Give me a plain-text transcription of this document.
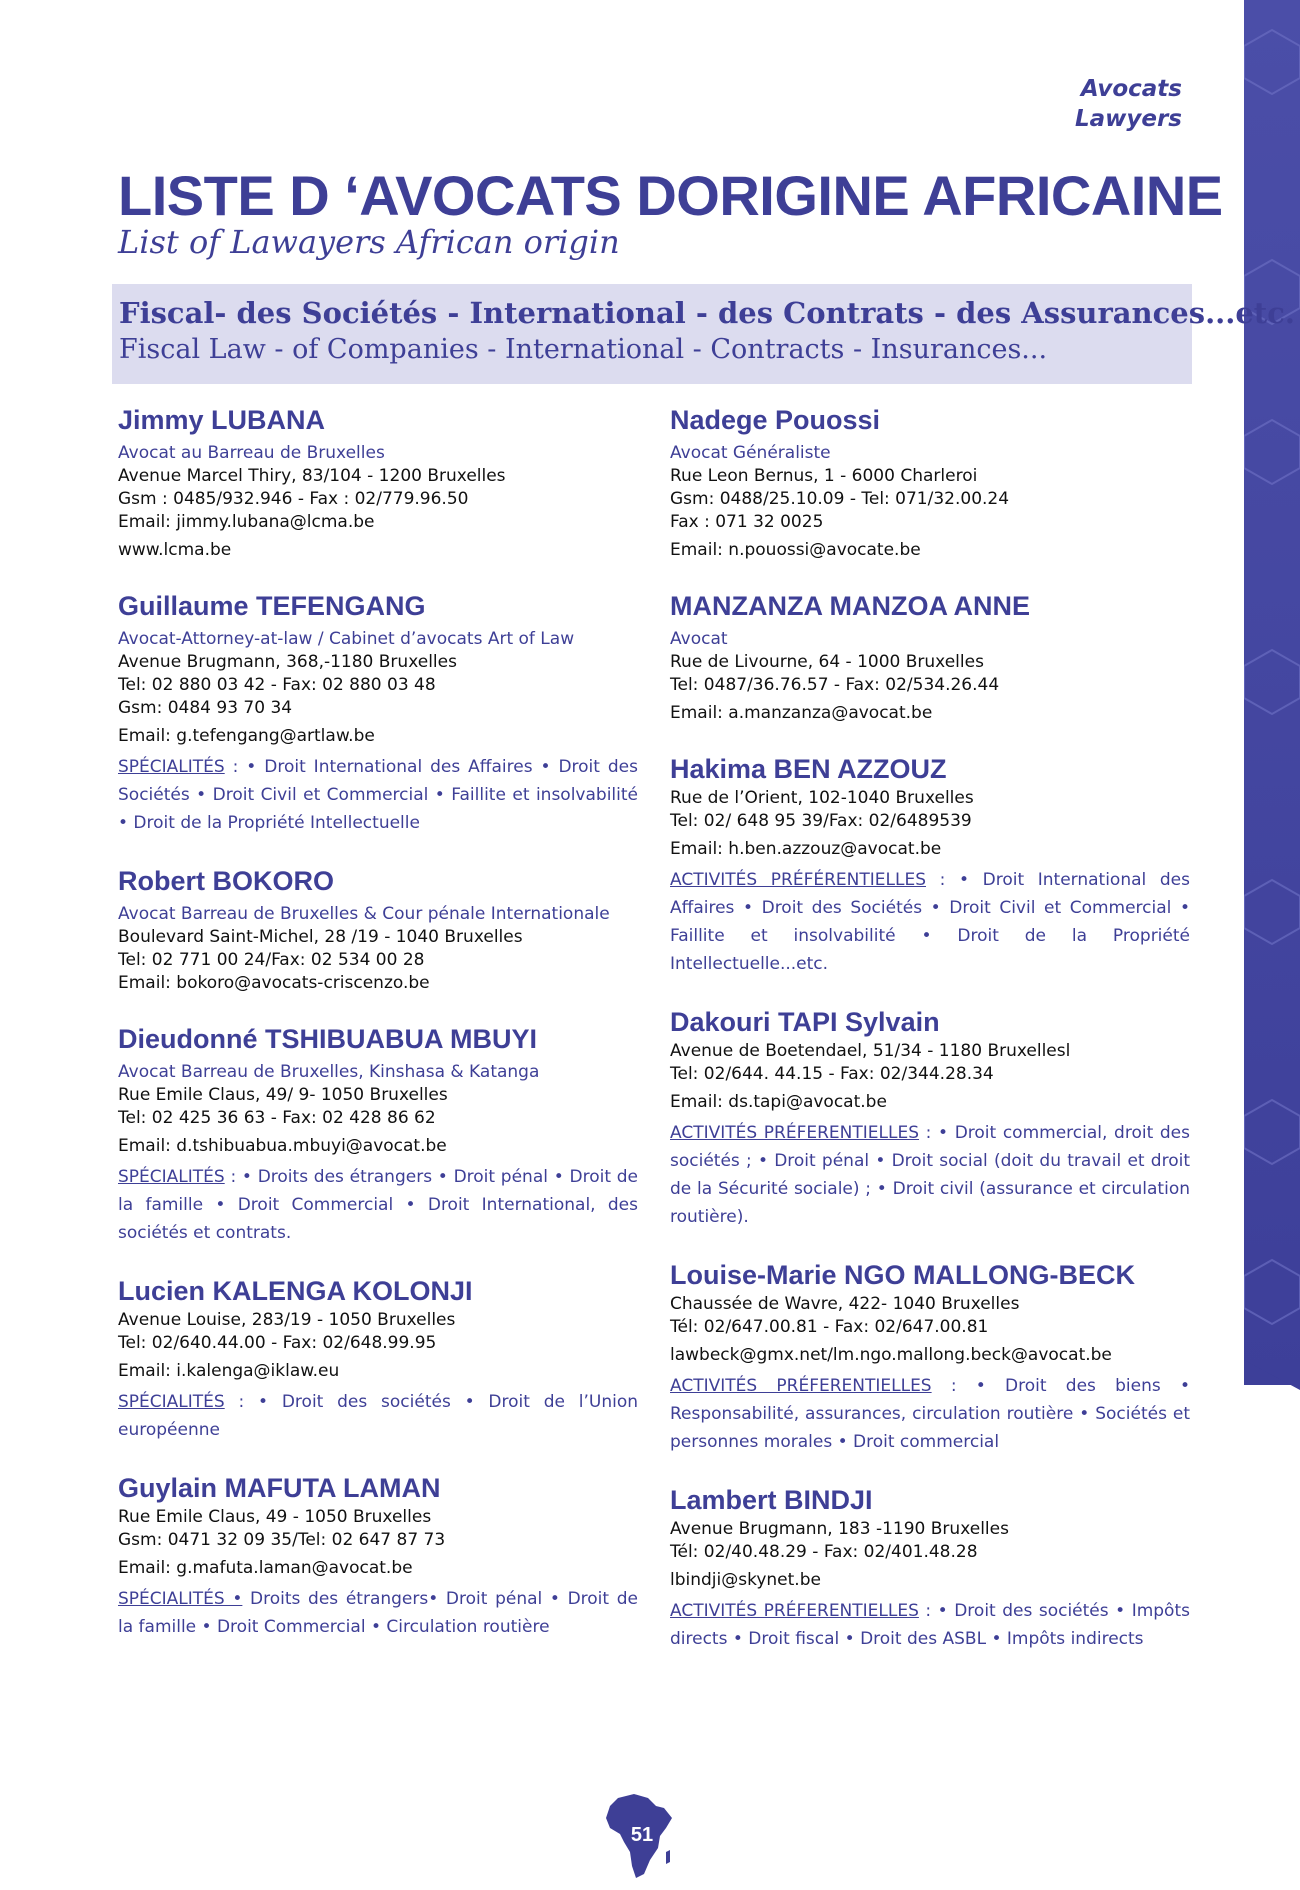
Avocats
Lawyers
LISTE D ‘AVOCATS DORIGINE AFRICAINE
List of Lawayers African origin
Fiscal- des Sociétés - International - des Contrats - des Assurances...etc.
Fiscal Law - of Companies - International - Contracts - Insurances...
Jimmy LUBANA
Avocat au Barreau de Bruxelles
Avenue Marcel Thiry, 83/104 - 1200 Bruxelles
Gsm : 0485/932.946 - Fax : 02/779.96.50
Email: jimmy.lubana@lcma.be
www.lcma.be
Guillaume TEFENGANG
Avocat-Attorney-at-law / Cabinet d’avocats Art of Law
Avenue Brugmann, 368,-1180 Bruxelles
Tel: 02 880 03 42 - Fax: 02 880 03 48
Gsm: 0484 93 70 34
Email: g.tefengang@artlaw.be
SPÉCIALITÉS : • Droit International des Affaires • Droit des Sociétés • Droit Civil et Commercial • Faillite et insolvabilité • Droit de la Propriété Intellectuelle
Robert BOKORO
Avocat Barreau de Bruxelles & Cour pénale Internationale
Boulevard Saint-Michel, 28 /19 - 1040 Bruxelles
Tel: 02 771 00 24/Fax: 02 534 00 28
Email: bokoro@avocats-criscenzo.be
Dieudonné TSHIBUABUA MBUYI
Avocat Barreau de Bruxelles, Kinshasa & Katanga
Rue Emile Claus, 49/ 9- 1050 Bruxelles
Tel: 02 425 36 63 - Fax: 02 428 86 62
Email: d.tshibuabua.mbuyi@avocat.be
SPÉCIALITÉS : • Droits des étrangers • Droit pénal • Droit de la famille • Droit Commercial • Droit International, des sociétés et contrats.
Lucien KALENGA KOLONJI
Avenue Louise, 283/19 - 1050 Bruxelles
Tel: 02/640.44.00 - Fax: 02/648.99.95
Email: i.kalenga@iklaw.eu
SPÉCIALITÉS : • Droit des sociétés • Droit de l’Union européenne
Guylain MAFUTA LAMAN
Rue Emile Claus, 49 - 1050 Bruxelles
Gsm: 0471 32 09 35/Tel: 02 647 87 73
Email: g.mafuta.laman@avocat.be
SPÉCIALITÉS • Droits des étrangers• Droit pénal • Droit de la famille • Droit Commercial • Circulation routière
Nadege Pouossi
Avocat Généraliste
Rue Leon Bernus, 1 - 6000 Charleroi
Gsm: 0488/25.10.09 - Tel: 071/32.00.24
Fax : 071 32 0025
Email: n.pouossi@avocate.be
MANZANZA MANZOA ANNE
Avocat
Rue de Livourne, 64 - 1000 Bruxelles
Tel: 0487/36.76.57 - Fax: 02/534.26.44
Email: a.manzanza@avocat.be
Hakima BEN AZZOUZ
Rue de l’Orient, 102-1040 Bruxelles
Tel: 02/ 648 95 39/Fax: 02/6489539
Email: h.ben.azzouz@avocat.be
ACTIVITÉS PRÉFÉRENTIELLES : • Droit International des Affaires • Droit des Sociétés • Droit Civil et Commercial • Faillite et insolvabilité • Droit de la Propriété Intellectuelle...etc.
Dakouri TAPI Sylvain
Avenue de Boetendael, 51/34 - 1180 Bruxellesl
Tel: 02/644. 44.15 - Fax: 02/344.28.34
Email: ds.tapi@avocat.be
ACTIVITÉS PRÉFERENTIELLES : • Droit commercial, droit des sociétés ; • Droit pénal • Droit social (doit du travail et droit de la Sécurité sociale) ; • Droit civil (assurance et circulation routière).
Louise-Marie NGO MALLONG-BECK
Chaussée de Wavre, 422- 1040 Bruxelles
Tél: 02/647.00.81 - Fax: 02/647.00.81
lawbeck@gmx.net/lm.ngo.mallong.beck@avocat.be
ACTIVITÉS PRÉFERENTIELLES : • Droit des biens • Responsabilité, assurances, circulation routière • Sociétés et personnes morales • Droit commercial
Lambert BINDJI
Avenue Brugmann, 183 -1190 Bruxelles
Tél: 02/40.48.29 - Fax: 02/401.48.28
lbindji@skynet.be
ACTIVITÉS PRÉFERENTIELLES : • Droit des sociétés • Impôts directs • Droit fiscal • Droit des ASBL • Impôts indirects
51
